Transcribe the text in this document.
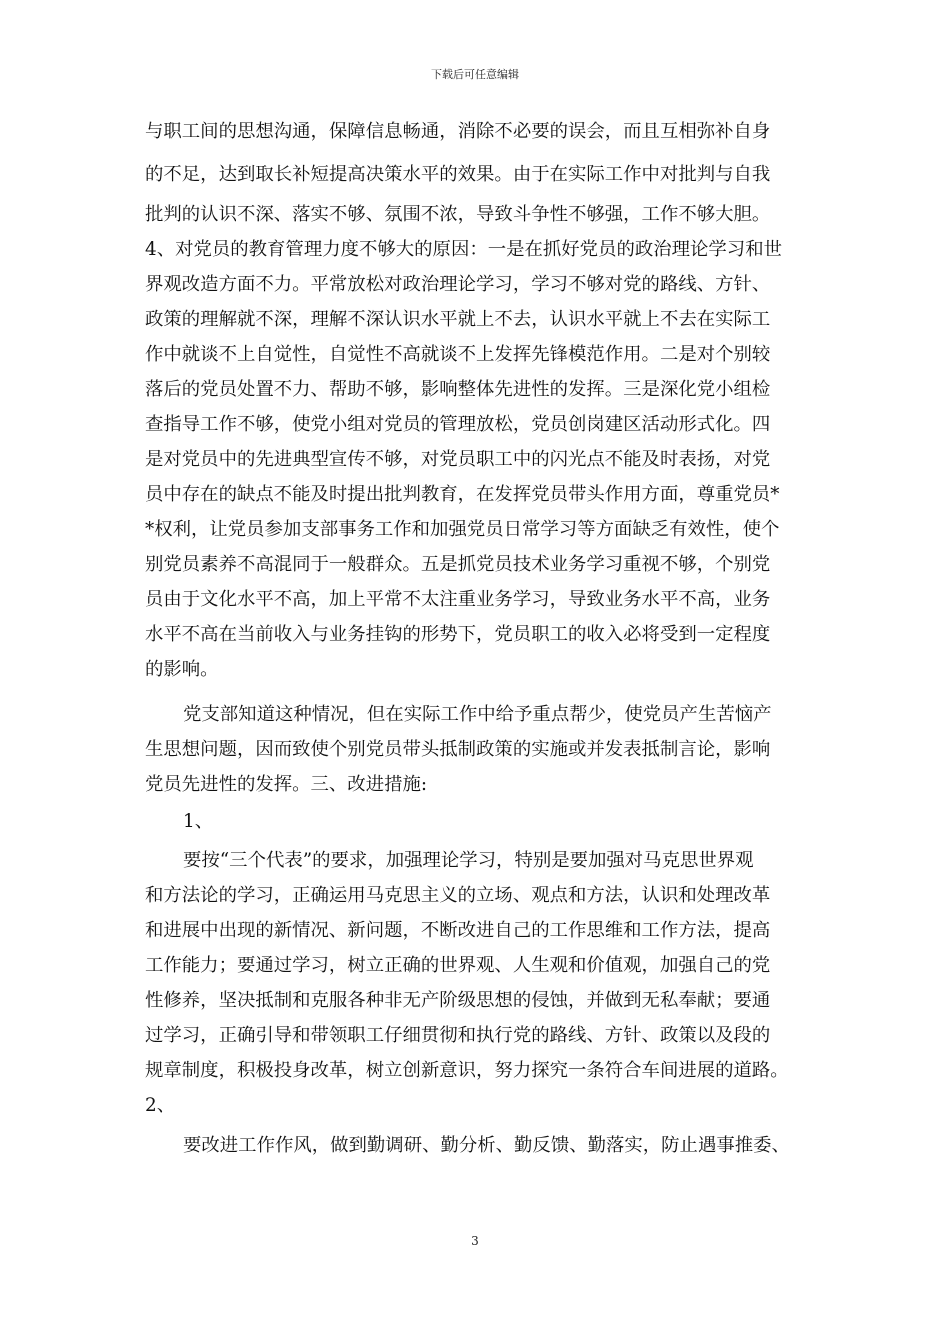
下载后可任意编辑
与职工间的思想沟通，保障信息畅通，消除不必要的误会，而且互相弥补自身
的不足，达到取长补短提高决策水平的效果。由于在实际工作中对批判与自我
批判的认识不深、落实不够、氛围不浓，导致斗争性不够强，工作不够大胆。
4、对党员的教育管理力度不够大的原因：一是在抓好党员的政治理论学习和世
界观改造方面不力。平常放松对政治理论学习，学习不够对党的路线、方针、
政策的理解就不深，理解不深认识水平就上不去，认识水平就上不去在实际工
作中就谈不上自觉性，自觉性不高就谈不上发挥先锋模范作用。二是对个别较
落后的党员处置不力、帮助不够，影响整体先进性的发挥。三是深化党小组检
查指导工作不够，使党小组对党员的管理放松，党员创岗建区活动形式化。四
是对党员中的先进典型宣传不够，对党员职工中的闪光点不能及时表扬，对党
员中存在的缺点不能及时提出批判教育，在发挥党员带头作用方面，尊重党员*
*权利，让党员参加支部事务工作和加强党员日常学习等方面缺乏有效性，使个
别党员素养不高混同于一般群众。五是抓党员技术业务学习重视不够，个别党
员由于文化水平不高，加上平常不太注重业务学习，导致业务水平不高，业务
水平不高在当前收入与业务挂钩的形势下，党员职工的收入必将受到一定程度
的影响。
党支部知道这种情况，但在实际工作中给予重点帮少，使党员产生苦恼产
生思想问题，因而致使个别党员带头抵制政策的实施或并发表抵制言论，影响
党员先进性的发挥。三、改进措施:
1、
要按“三个代表”的要求，加强理论学习，特别是要加强对马克思世界观
和方法论的学习，正确运用马克思主义的立场、观点和方法，认识和处理改革
和进展中出现的新情况、新问题，不断改进自己的工作思维和工作方法，提高
工作能力；要通过学习，树立正确的世界观、人生观和价值观，加强自己的党
性修养，坚决抵制和克服各种非无产阶级思想的侵蚀，并做到无私奉献；要通
过学习，正确引导和带领职工仔细贯彻和执行党的路线、方针、政策以及段的
规章制度，积极投身改革，树立创新意识，努力探究一条符合车间进展的道路。
2、
要改进工作作风，做到勤调研、勤分析、勤反馈、勤落实，防止遇事推委、
3
